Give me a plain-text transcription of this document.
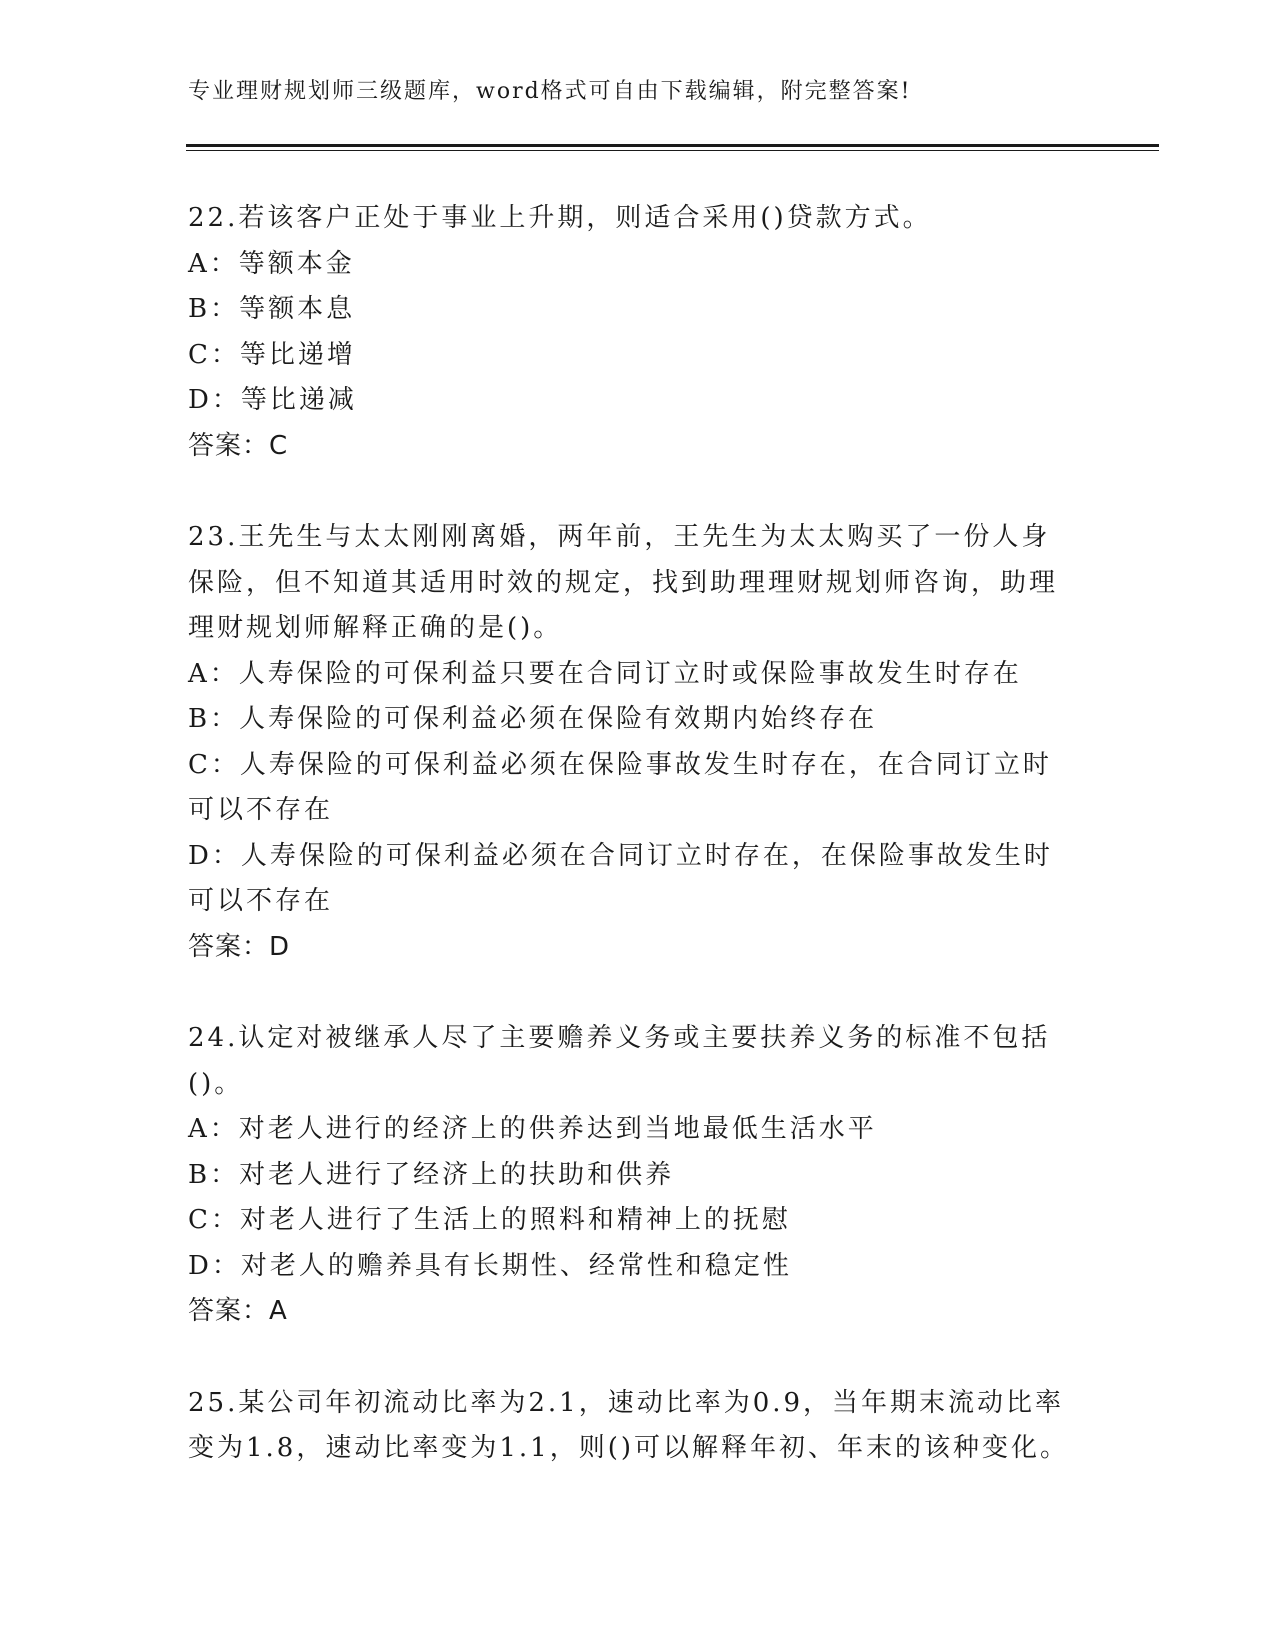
专业理财规划师三级题库，word格式可自由下载编辑，附完整答案!
22.若该客户正处于事业上升期，则适合采用()贷款方式。
A：等额本金
B：等额本息
C：等比递增
D：等比递减
答案：C
23.王先生与太太刚刚离婚，两年前，王先生为太太购买了一份人身保险，但不知道其适用时效的规定，找到助理理财规划师咨询，助理理财规划师解释正确的是()。
A：人寿保险的可保利益只要在合同订立时或保险事故发生时存在
B：人寿保险的可保利益必须在保险有效期内始终存在
C：人寿保险的可保利益必须在保险事故发生时存在，在合同订立时可以不存在
D：人寿保险的可保利益必须在合同订立时存在，在保险事故发生时可以不存在
答案：D
24.认定对被继承人尽了主要赡养义务或主要扶养义务的标准不包括()。
A：对老人进行的经济上的供养达到当地最低生活水平
B：对老人进行了经济上的扶助和供养
C：对老人进行了生活上的照料和精神上的抚慰
D：对老人的赡养具有长期性、经常性和稳定性
答案：A
25.某公司年初流动比率为2.1，速动比率为0.9，当年期末流动比率变为1.8，速动比率变为1.1，则()可以解释年初、年末的该种变化。
